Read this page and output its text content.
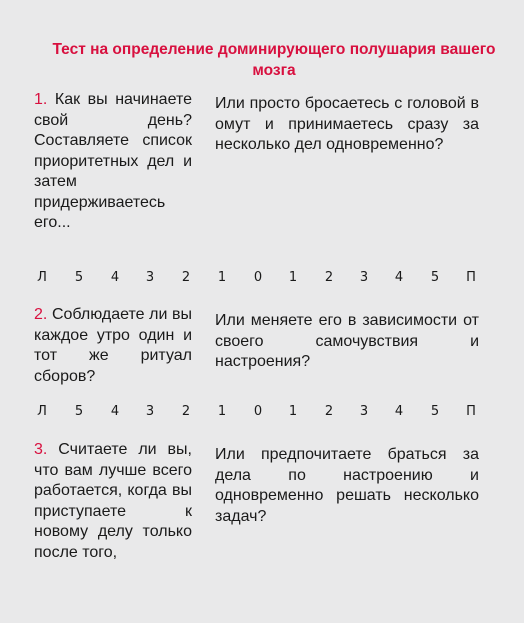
Тест на определение доминирующего полушария вашего мозга
1. Как вы начинаете свой день? Составляете список приоритетных дел и затем придерживаетесь его...
Или просто бросаетесь с головой в омут и принимаетесь сразу за несколько дел одновременно?
Л	5	4	3	2	1	0	1	2	3	4	5	П
2. Соблюдаете ли вы каждое утро один и тот же ритуал сборов?
Или меняете его в зависимости от своего самочувствия и настроения?
Л	5	4	3	2	1	0	1	2	3	4	5	П
3. Считаете ли вы, что вам лучше всего работается, когда вы приступаете к новому делу только после того,
Или предпочитаете браться за дела по настроению и одновременно решать несколько задач?
